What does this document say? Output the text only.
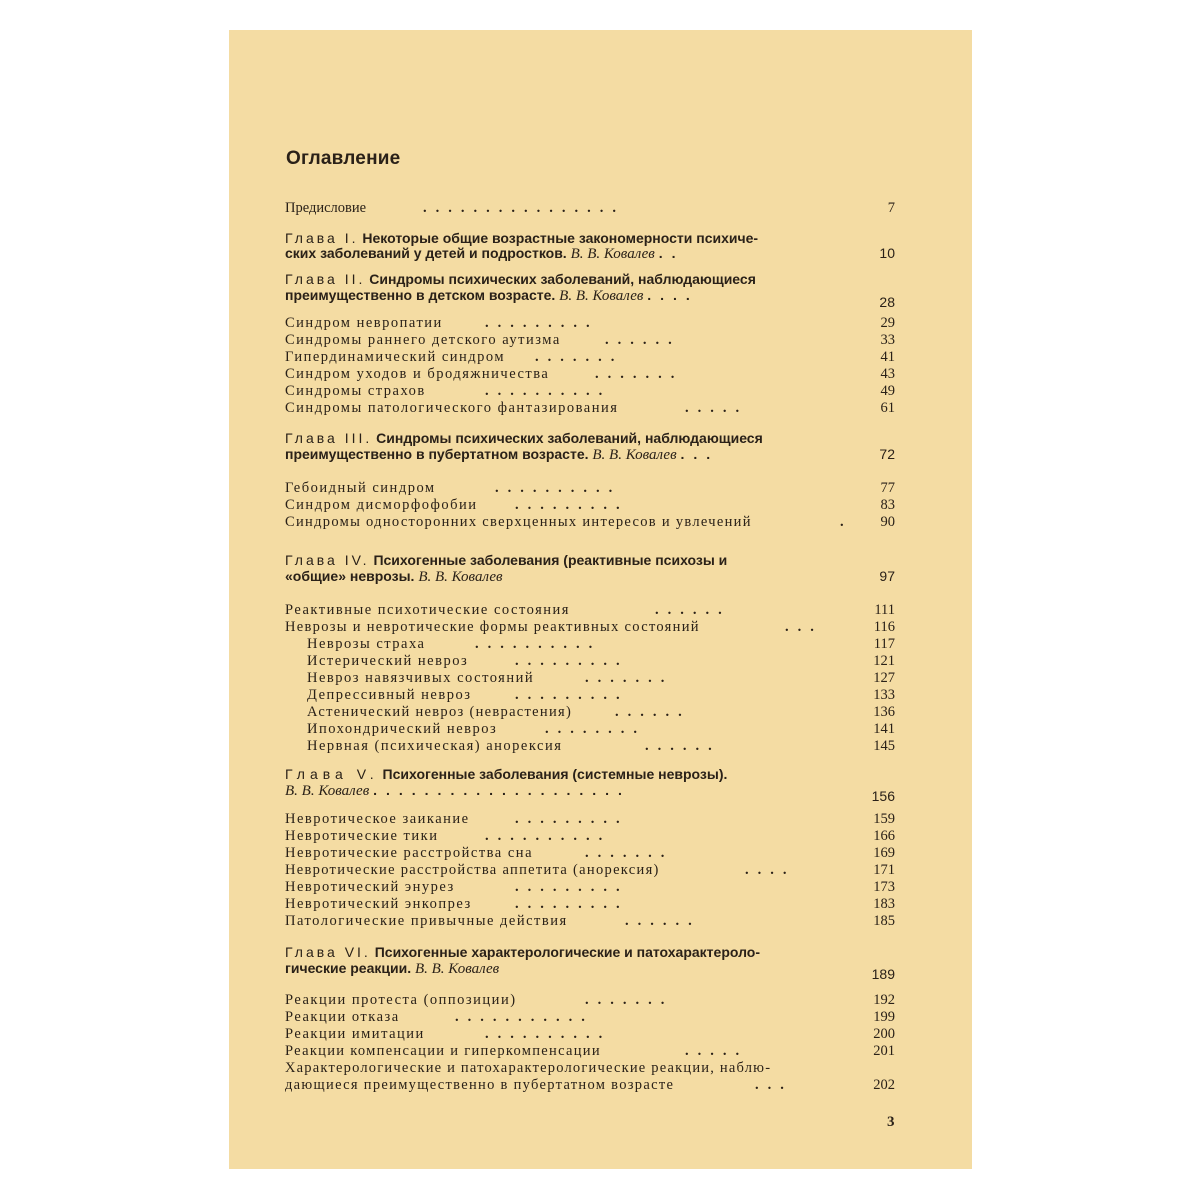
Оглавление
Предисловие	................	7
Глава I. Некоторые общие возрастные закономерности психиче-
ских заболеваний у детей и подростков. В. В. Ковалев ..	10
Глава II. Синдромы психических заболеваний, наблюдающиеся
преимущественно в детском возрасте. В. В. Ковалев ....	28
Синдром невропатии	.........	29
Синдромы раннего детского аутизма	......	33
Гипердинамический синдром .......	41
Синдром уходов и бродяжничества	.......	43
Синдромы страхов	..........	49
Синдромы патологического фантазирования	.....	61
Глава III. Синдромы психических заболеваний, наблюдающиеся
преимущественно в пубертатном возрасте. В. В. Ковалев ...	72
Гебоидный синдром	..........	77
Синдром дисморфофобии	.........	83
Синдромы односторонних сверхценных интересов и увлечений	.	90
Глава IV. Психогенные заболевания (реактивные психозы и
«общие» неврозы. В. В. Ковалев	97
Реактивные психотические состояния	......	111
Неврозы и невротические формы реактивных состояний	...	116
Неврозы страха	..........	117
Истерический невроз	.........	121
Невроз навязчивых состояний	.......	127
Депрессивный невроз	.........	133
Астенический невроз (неврастения)	......	136
Ипохондрический невроз	........	141
Нервная (психическая) анорексия	......	145
Глава V. Психогенные заболевания (системные неврозы).
В. В. Ковалев ....................	156
Невротическое заикание	.........	159
Невротические тики	..........	166
Невротические расстройства сна	.......	169
Невротические расстройства аппетита (анорексия)	....	171
Невротический энурез	.........	173
Невротический энкопрез	.........	183
Патологические привычные действия	......	185
Глава VI. Психогенные характерологические и патохарактероло-
гические реакции. В. В. Ковалев	189
Реакции протеста (оппозиции)	.......	192
Реакции отказа	...........	199
Реакции имитации	..........	200
Реакции компенсации и гиперкомпенсации	.....	201
Характерологические и патохарактерологические реакции, наблю-
дающиеся преимущественно в пубертатном возрасте	...	202
3
